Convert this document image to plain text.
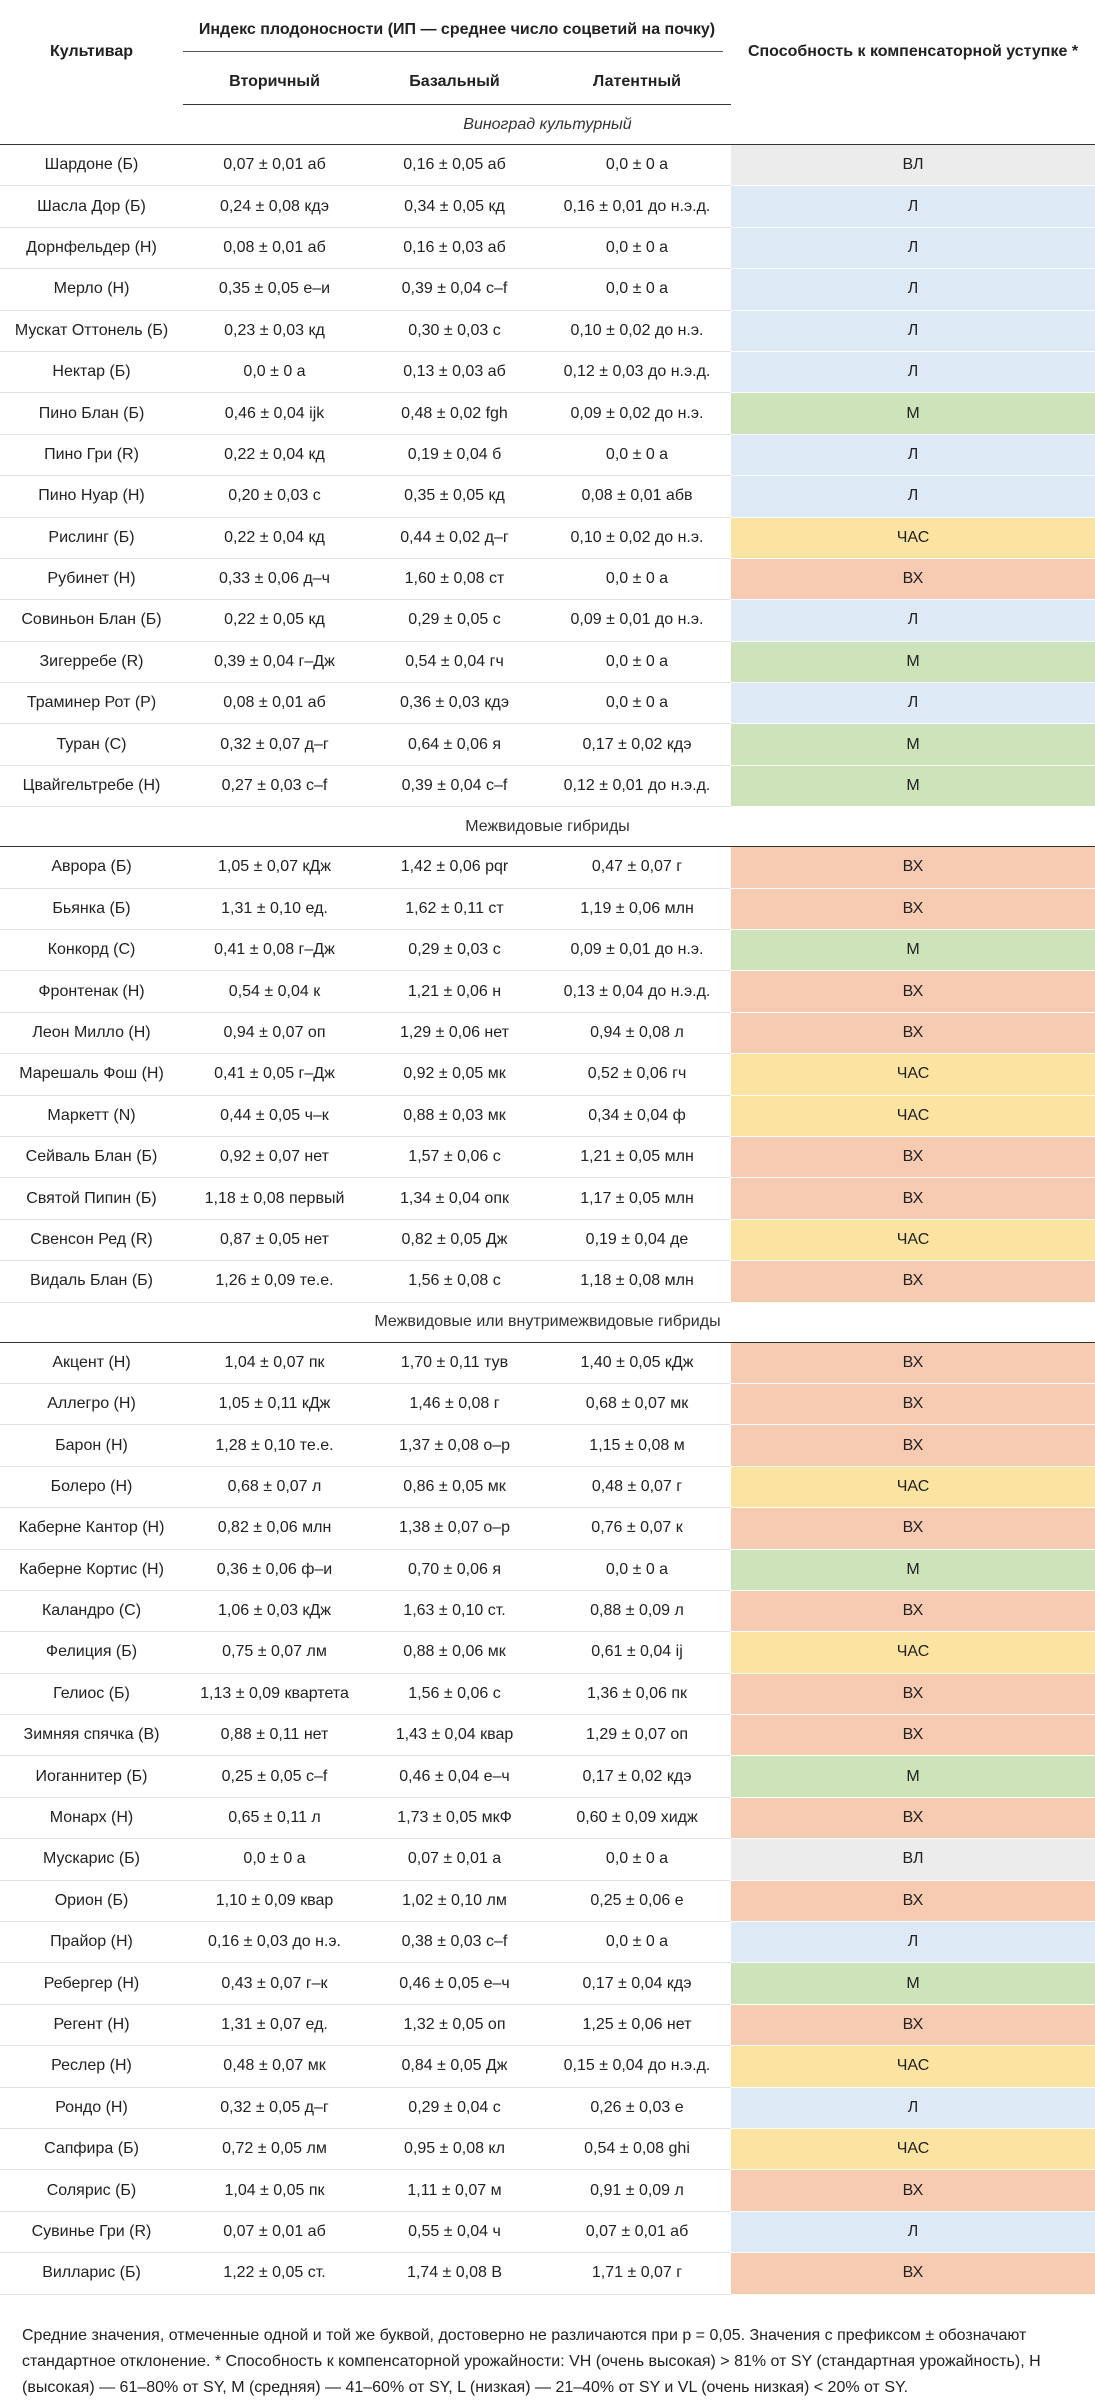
Культивар	Индекс плодоносности (ИП — среднее число соцветий на почку)			Способность к компенсаторной уступке *
	Вторичный	Базальный	Латентный	
Виноград культурный				
Шардоне (Б)	0,07 ± 0,01 аб	0,16 ± 0,05 аб	0,0 ± 0 а	ВЛ
Шасла Дор (Б)	0,24 ± 0,08 кдэ	0,34 ± 0,05 кд	0,16 ± 0,01 до н.э.д.	Л
Дорнфельдер (Н)	0,08 ± 0,01 аб	0,16 ± 0,03 аб	0,0 ± 0 а	Л
Мерло (Н)	0,35 ± 0,05 е–и	0,39 ± 0,04 с–f	0,0 ± 0 а	Л
Мускат Оттонель (Б)	0,23 ± 0,03 кд	0,30 ± 0,03 с	0,10 ± 0,02 до н.э.	Л
Нектар (Б)	0,0 ± 0 а	0,13 ± 0,03 аб	0,12 ± 0,03 до н.э.д.	Л
Пино Блан (Б)	0,46 ± 0,04 ijk	0,48 ± 0,02 fgh	0,09 ± 0,02 до н.э.	М
Пино Гри (R)	0,22 ± 0,04 кд	0,19 ± 0,04 б	0,0 ± 0 а	Л
Пино Нуар (Н)	0,20 ± 0,03 с	0,35 ± 0,05 кд	0,08 ± 0,01 абв	Л
Рислинг (Б)	0,22 ± 0,04 кд	0,44 ± 0,02 д–г	0,10 ± 0,02 до н.э.	ЧАС
Рубинет (Н)	0,33 ± 0,06 д–ч	1,60 ± 0,08 ст	0,0 ± 0 а	ВХ
Совиньон Блан (Б)	0,22 ± 0,05 кд	0,29 ± 0,05 с	0,09 ± 0,01 до н.э.	Л
Зигерребе (R)	0,39 ± 0,04 г–Дж	0,54 ± 0,04 гч	0,0 ± 0 а	М
Траминер Рот (Р)	0,08 ± 0,01 аб	0,36 ± 0,03 кдэ	0,0 ± 0 а	Л
Туран (С)	0,32 ± 0,07 д–г	0,64 ± 0,06 я	0,17 ± 0,02 кдэ	М
Цвайгельтребе (Н)	0,27 ± 0,03 с–f	0,39 ± 0,04 с–f	0,12 ± 0,01 до н.э.д.	М
Межвидовые гибриды				
Аврора (Б)	1,05 ± 0,07 кДж	1,42 ± 0,06 pqr	0,47 ± 0,07 г	ВХ
Бьянка (Б)	1,31 ± 0,10 ед.	1,62 ± 0,11 ст	1,19 ± 0,06 млн	ВХ
Конкорд (С)	0,41 ± 0,08 г–Дж	0,29 ± 0,03 с	0,09 ± 0,01 до н.э.	М
Фронтенак (Н)	0,54 ± 0,04 к	1,21 ± 0,06 н	0,13 ± 0,04 до н.э.д.	ВХ
Леон Милло (Н)	0,94 ± 0,07 оп	1,29 ± 0,06 нет	0,94 ± 0,08 л	ВХ
Марешаль Фош (Н)	0,41 ± 0,05 г–Дж	0,92 ± 0,05 мк	0,52 ± 0,06 гч	ЧАС
Маркетт (N)	0,44 ± 0,05 ч–к	0,88 ± 0,03 мк	0,34 ± 0,04 ф	ЧАС
Сейваль Блан (Б)	0,92 ± 0,07 нет	1,57 ± 0,06 с	1,21 ± 0,05 млн	ВХ
Святой Пипин (Б)	1,18 ± 0,08 первый	1,34 ± 0,04 опк	1,17 ± 0,05 млн	ВХ
Свенсон Ред (R)	0,87 ± 0,05 нет	0,82 ± 0,05 Дж	0,19 ± 0,04 де	ЧАС
Видаль Блан (Б)	1,26 ± 0,09 те.е.	1,56 ± 0,08 с	1,18 ± 0,08 млн	ВХ
Межвидовые или внутримежвидовые гибриды				
Акцент (Н)	1,04 ± 0,07 пк	1,70 ± 0,11 тув	1,40 ± 0,05 кДж	ВХ
Аллегро (Н)	1,05 ± 0,11 кДж	1,46 ± 0,08 г	0,68 ± 0,07 мк	ВХ
Барон (Н)	1,28 ± 0,10 те.е.	1,37 ± 0,08 о–р	1,15 ± 0,08 м	ВХ
Болеро (Н)	0,68 ± 0,07 л	0,86 ± 0,05 мк	0,48 ± 0,07 г	ЧАС
Каберне Кантор (Н)	0,82 ± 0,06 млн	1,38 ± 0,07 о–р	0,76 ± 0,07 к	ВХ
Каберне Кортис (Н)	0,36 ± 0,06 ф–и	0,70 ± 0,06 я	0,0 ± 0 а	М
Каландро (С)	1,06 ± 0,03 кДж	1,63 ± 0,10 ст.	0,88 ± 0,09 л	ВХ
Фелиция (Б)	0,75 ± 0,07 лм	0,88 ± 0,06 мк	0,61 ± 0,04 ij	ЧАС
Гелиос (Б)	1,13 ± 0,09 квартета	1,56 ± 0,06 с	1,36 ± 0,06 пк	ВХ
Зимняя спячка (В)	0,88 ± 0,11 нет	1,43 ± 0,04 квар	1,29 ± 0,07 оп	ВХ
Иоганнитер (Б)	0,25 ± 0,05 с–f	0,46 ± 0,04 е–ч	0,17 ± 0,02 кдэ	М
Монарх (Н)	0,65 ± 0,11 л	1,73 ± 0,05 мкФ	0,60 ± 0,09 хидж	ВХ
Мускарис (Б)	0,0 ± 0 а	0,07 ± 0,01 а	0,0 ± 0 а	ВЛ
Орион (Б)	1,10 ± 0,09 квар	1,02 ± 0,10 лм	0,25 ± 0,06 е	ВХ
Прайор (Н)	0,16 ± 0,03 до н.э.	0,38 ± 0,03 с–f	0,0 ± 0 а	Л
Ребергер (Н)	0,43 ± 0,07 г–к	0,46 ± 0,05 е–ч	0,17 ± 0,04 кдэ	М
Регент (Н)	1,31 ± 0,07 ед.	1,32 ± 0,05 оп	1,25 ± 0,06 нет	ВХ
Реслер (Н)	0,48 ± 0,07 мк	0,84 ± 0,05 Дж	0,15 ± 0,04 до н.э.д.	ЧАС
Рондо (Н)	0,32 ± 0,05 д–г	0,29 ± 0,04 с	0,26 ± 0,03 е	Л
Сапфира (Б)	0,72 ± 0,05 лм	0,95 ± 0,08 кл	0,54 ± 0,08 ghi	ЧАС
Солярис (Б)	1,04 ± 0,05 пк	1,11 ± 0,07 м	0,91 ± 0,09 л	ВХ
Сувинье Гри (R)	0,07 ± 0,01 аб	0,55 ± 0,04 ч	0,07 ± 0,01 аб	Л
Вилларис (Б)	1,22 ± 0,05 ст.	1,74 ± 0,08 В	1,71 ± 0,07 г	ВХ
Средние значения, отмеченные одной и той же буквой, достоверно не различаются при p = 0,05. Значения с префиксом ± обозначают стандартное отклонение. * Способность к компенсаторной урожайности: VH (очень высокая) > 81% от SY (стандартная урожайность), H (высокая) — 61–80% от SY, M (средняя) — 41–60% от SY, L (низкая) — 21–40% от SY и VL (очень низкая) < 20% от SY.				
